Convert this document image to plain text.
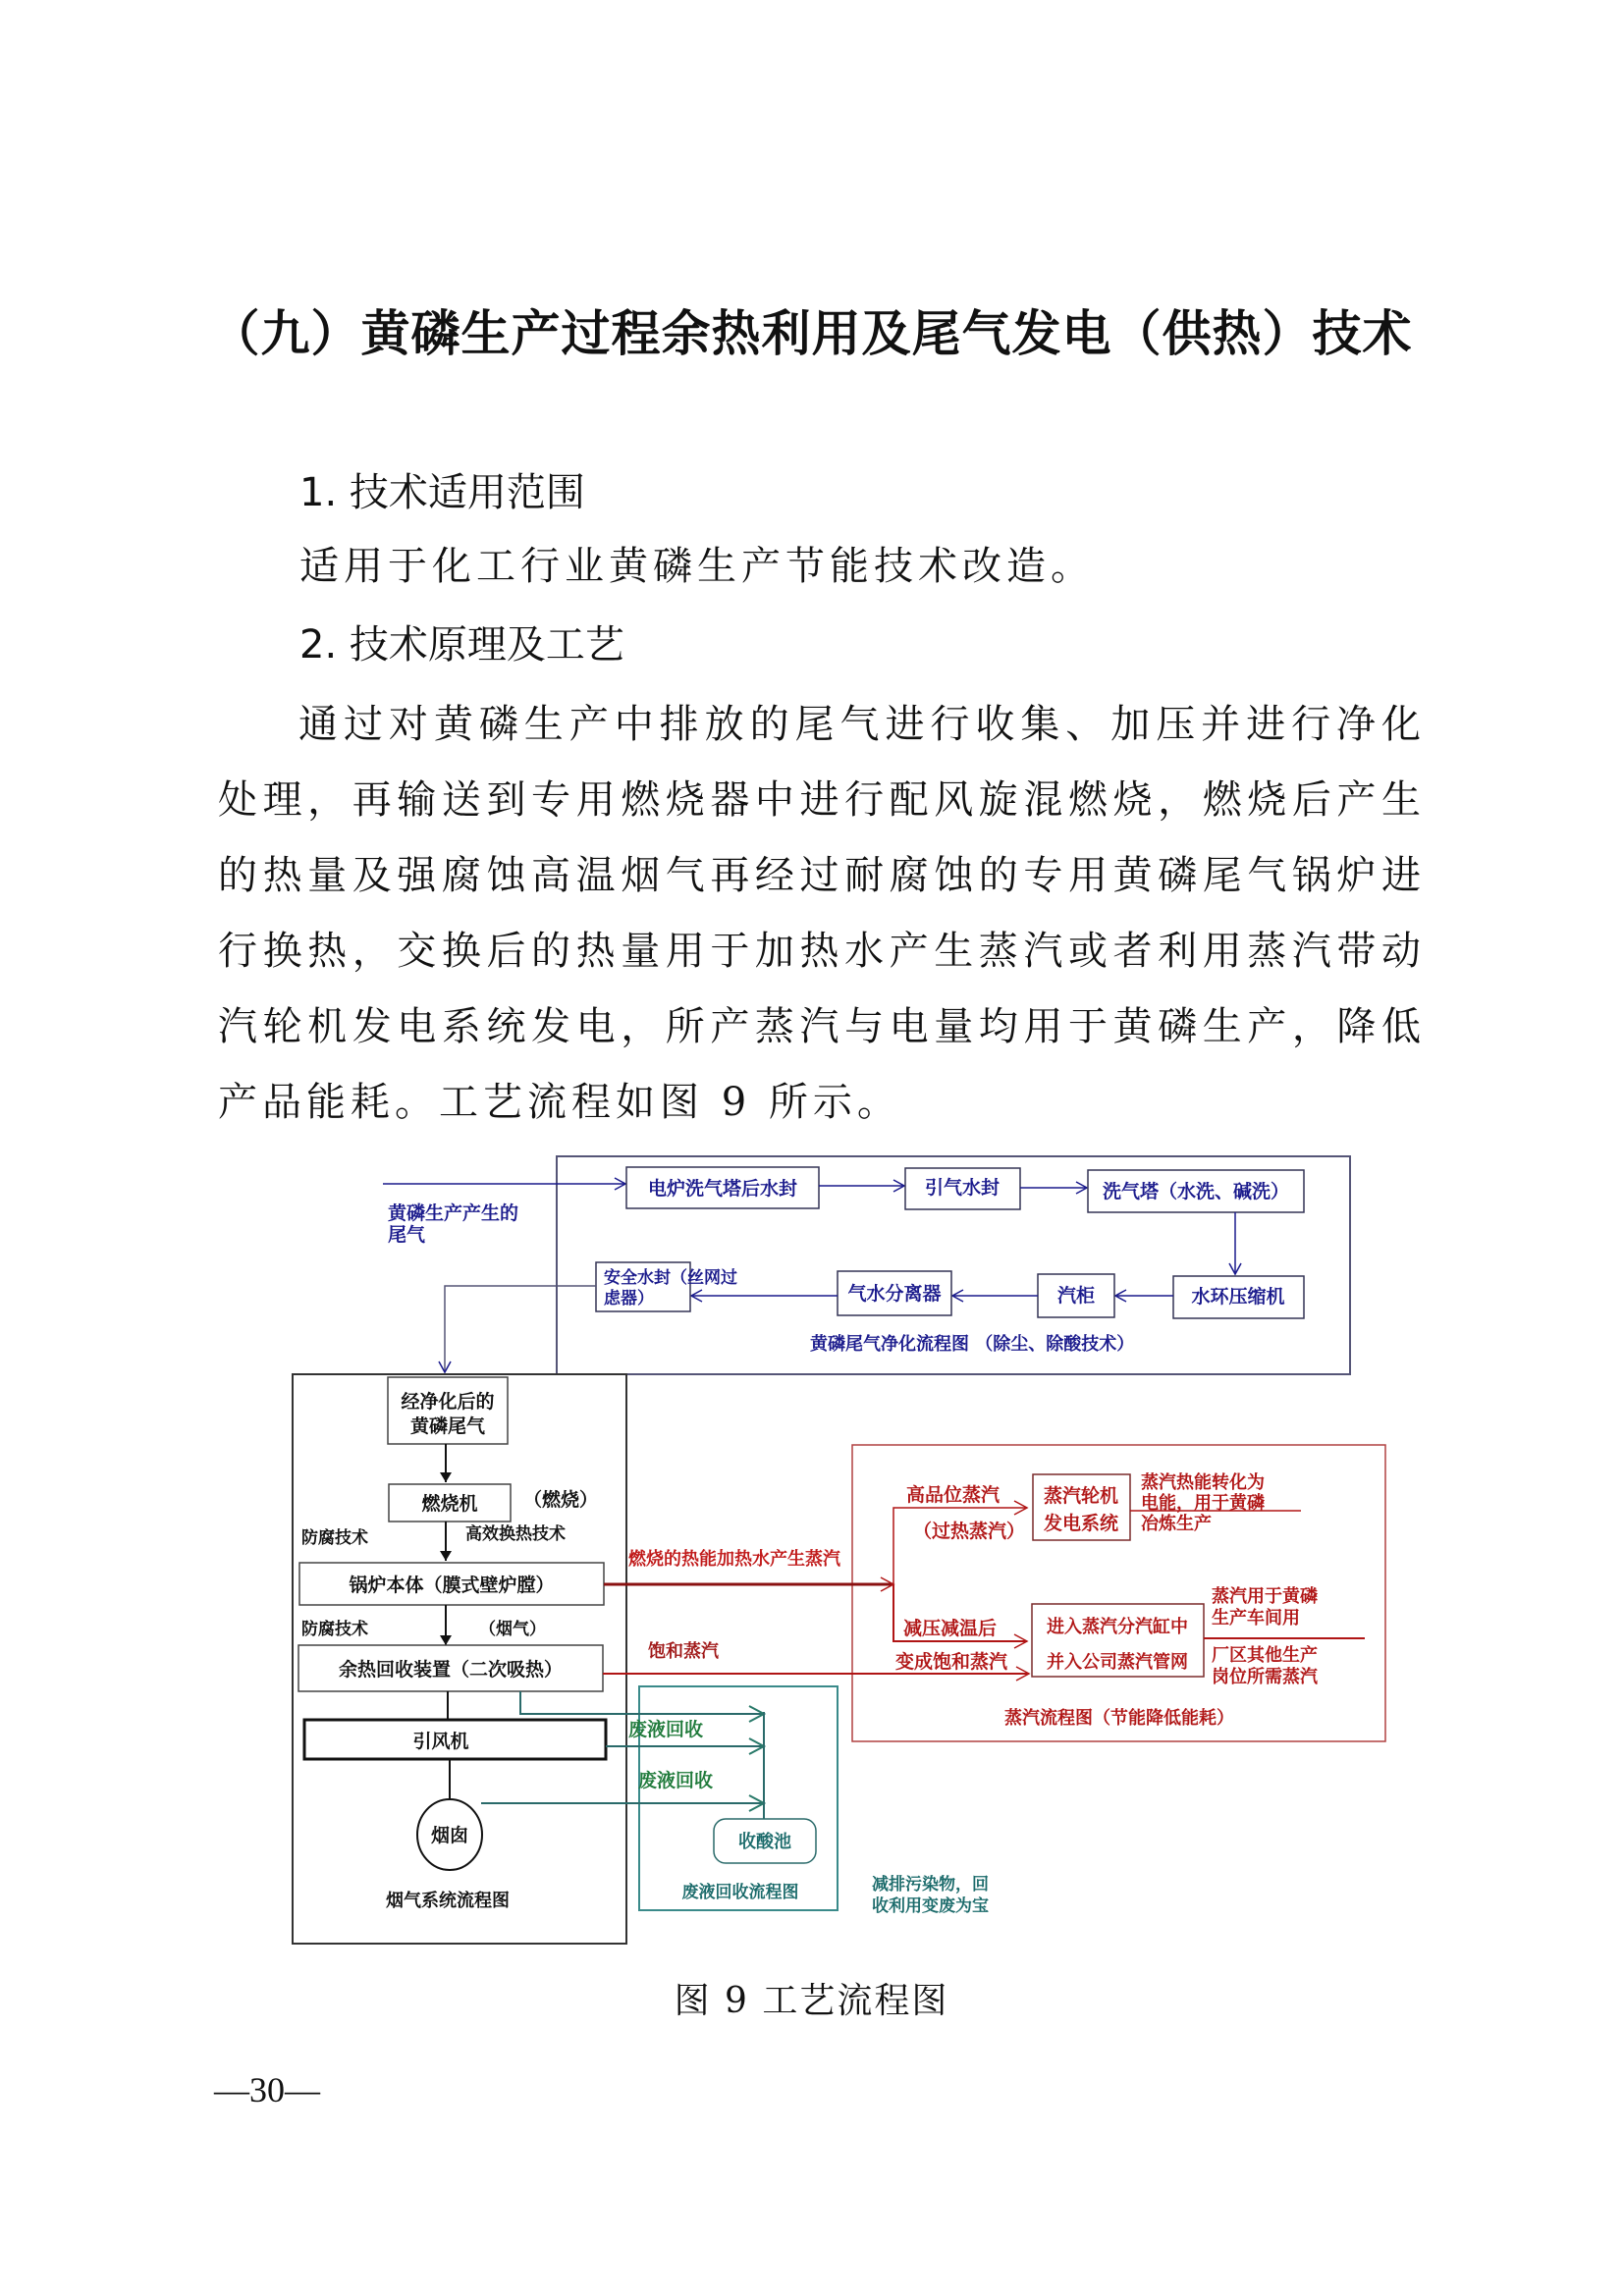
（九）黄磷生产过程余热利用及尾气发电（供热）技术
1. 技术适用范围
适用于化工行业黄磷生产节能技术改造。
2. 技术原理及工艺
通过对黄磷生产中排放的尾气进行收集、加压并进行净化处理，再输送到专用燃烧器中进行配风旋混燃烧，燃烧后产生的热量及强腐蚀高温烟气再经过耐腐蚀的专用黄磷尾气锅炉进行换热，交换后的热量用于加热水产生蒸汽或者利用蒸汽带动汽轮机发电系统发电，所产蒸汽与电量均用于黄磷生产，降低产品能耗。工艺流程如图 9 所示。
黄磷生产产生的
尾气
电炉洗气塔后水封	引气水封	洗气塔（水洗、碱洗）
水环压缩机
汽柜
气水分离器
安全水封（丝网过
虑器）
黄磷尾气净化流程图 （除尘、除酸技术）
经净化后的
黄磷尾气
燃烧机 （燃烧）
防腐技术	高效换热技术
锅炉本体（膜式壁炉膛）
防腐技术	（烟气）
余热回收装置（二次吸热）
引风机
烟囱
烟气系统流程图
燃烧的热能加热水产生蒸汽
饱和蒸汽
高品位蒸汽
（过热蒸汽）
减压减温后
变成饱和蒸汽
蒸汽轮机
发电系统
蒸汽热能转化为
电能，用于黄磷
冶炼生产
进入蒸汽分汽缸中
并入公司蒸汽管网
蒸汽用于黄磷
生产车间用
厂区其他生产
岗位所需蒸汽
蒸汽流程图（节能降低能耗）
废液回收
废液回收
收酸池
废液回收流程图	减排污染物，回
收利用变废为宝
图 9 工艺流程图
—30—
